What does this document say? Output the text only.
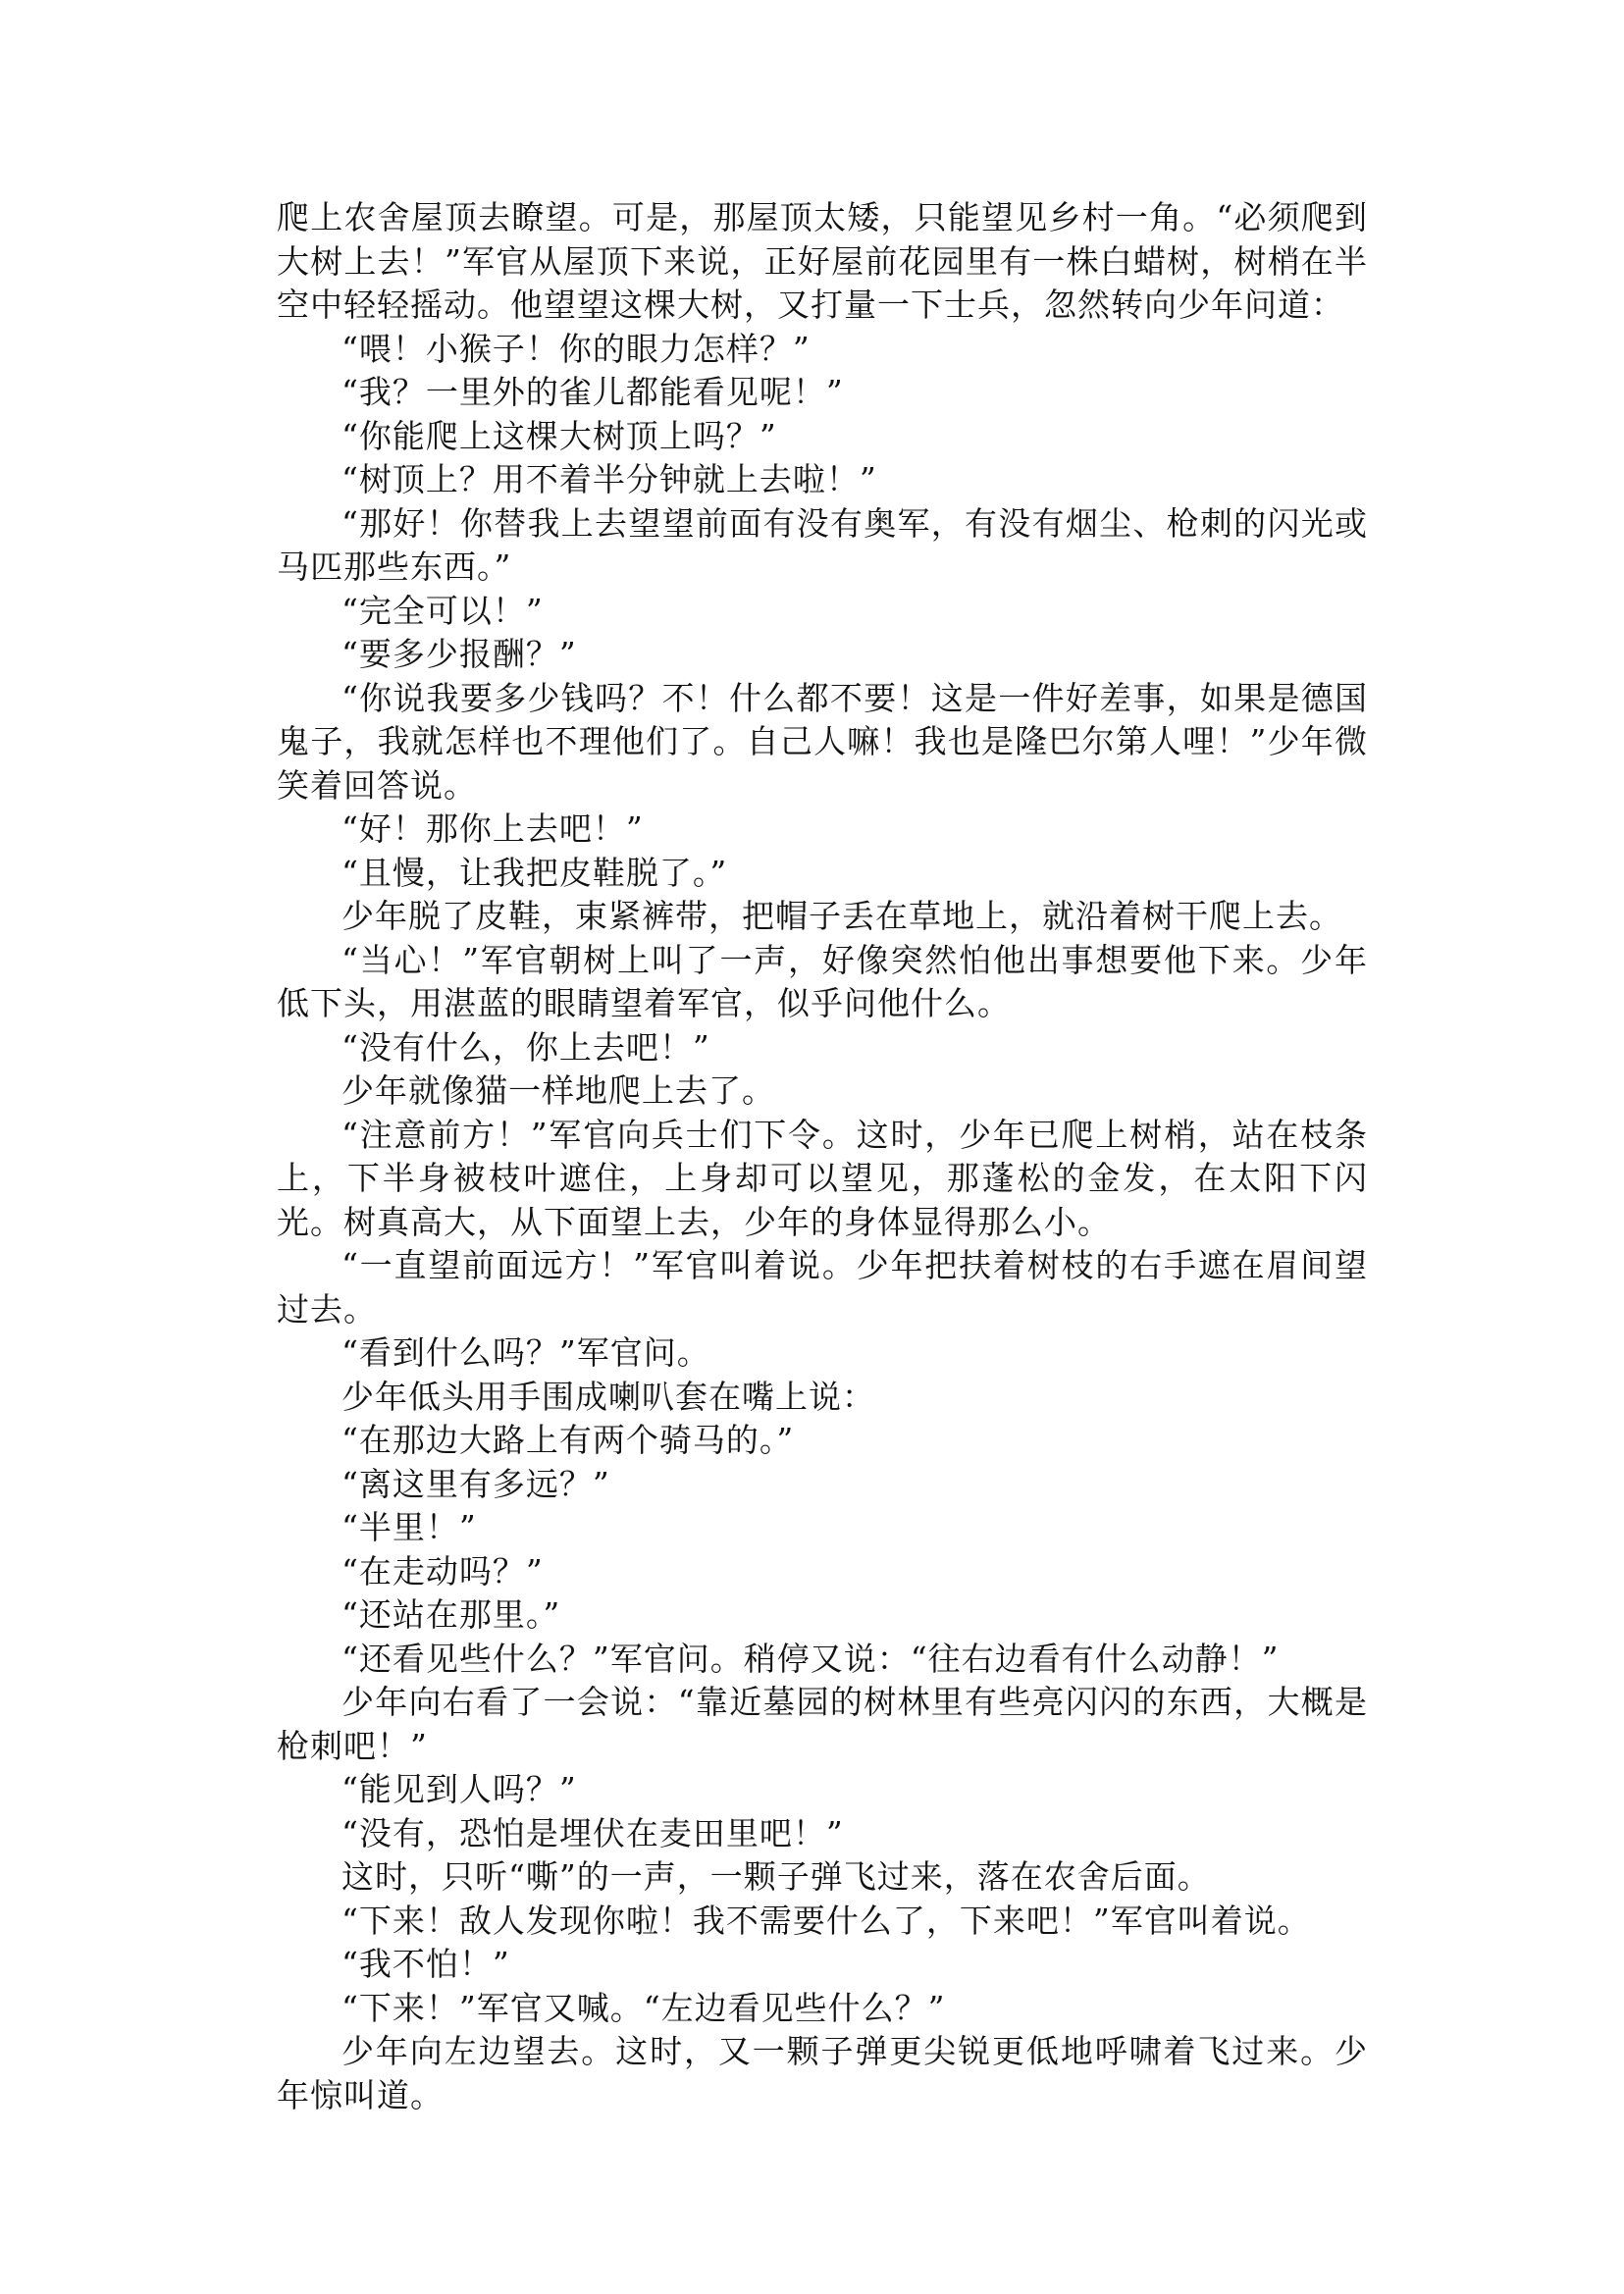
爬上农舍屋顶去瞭望。可是，那屋顶太矮，只能望见乡村一角。“必须爬到大树上去！”军官从屋顶下来说，正好屋前花园里有一株白蜡树，树梢在半空中轻轻摇动。他望望这棵大树，又打量一下士兵，忽然转向少年问道：

“喂！小猴子！你的眼力怎样？”

“我？一里外的雀儿都能看见呢！”

“你能爬上这棵大树顶上吗？”

“树顶上？用不着半分钟就上去啦！”

“那好！你替我上去望望前面有没有奥军，有没有烟尘、枪刺的闪光或马匹那些东西。”

“完全可以！”

“要多少报酬？”

“你说我要多少钱吗？不！什么都不要！这是一件好差事，如果是德国鬼子，我就怎样也不理他们了。自己人嘛！我也是隆巴尔第人哩！”少年微笑着回答说。

“好！那你上去吧！”

“且慢，让我把皮鞋脱了。”

少年脱了皮鞋，束紧裤带，把帽子丢在草地上，就沿着树干爬上去。

“当心！”军官朝树上叫了一声，好像突然怕他出事想要他下来。少年低下头，用湛蓝的眼睛望着军官，似乎问他什么。

“没有什么，你上去吧！”

少年就像猫一样地爬上去了。

“注意前方！”军官向兵士们下令。这时，少年已爬上树梢，站在枝条上，下半身被枝叶遮住，上身却可以望见，那蓬松的金发，在太阳下闪光。树真高大，从下面望上去，少年的身体显得那么小。

“一直望前面远方！”军官叫着说。少年把扶着树枝的右手遮在眉间望过去。

“看到什么吗？”军官问。

少年低头用手围成喇叭套在嘴上说：

“在那边大路上有两个骑马的。”

“离这里有多远？”

“半里！”

“在走动吗？”

“还站在那里。”

“还看见些什么？”军官问。稍停又说：“往右边看有什么动静！”

少年向右看了一会说：“靠近墓园的树林里有些亮闪闪的东西，大概是枪刺吧！”

“能见到人吗？”

“没有，恐怕是埋伏在麦田里吧！”

这时，只听“嘶”的一声，一颗子弹飞过来，落在农舍后面。

“下来！敌人发现你啦！我不需要什么了，下来吧！”军官叫着说。

“我不怕！”

“下来！”军官又喊。“左边看见些什么？”

少年向左边望去。这时，又一颗子弹更尖锐更低地呼啸着飞过来。少年惊叫道。
